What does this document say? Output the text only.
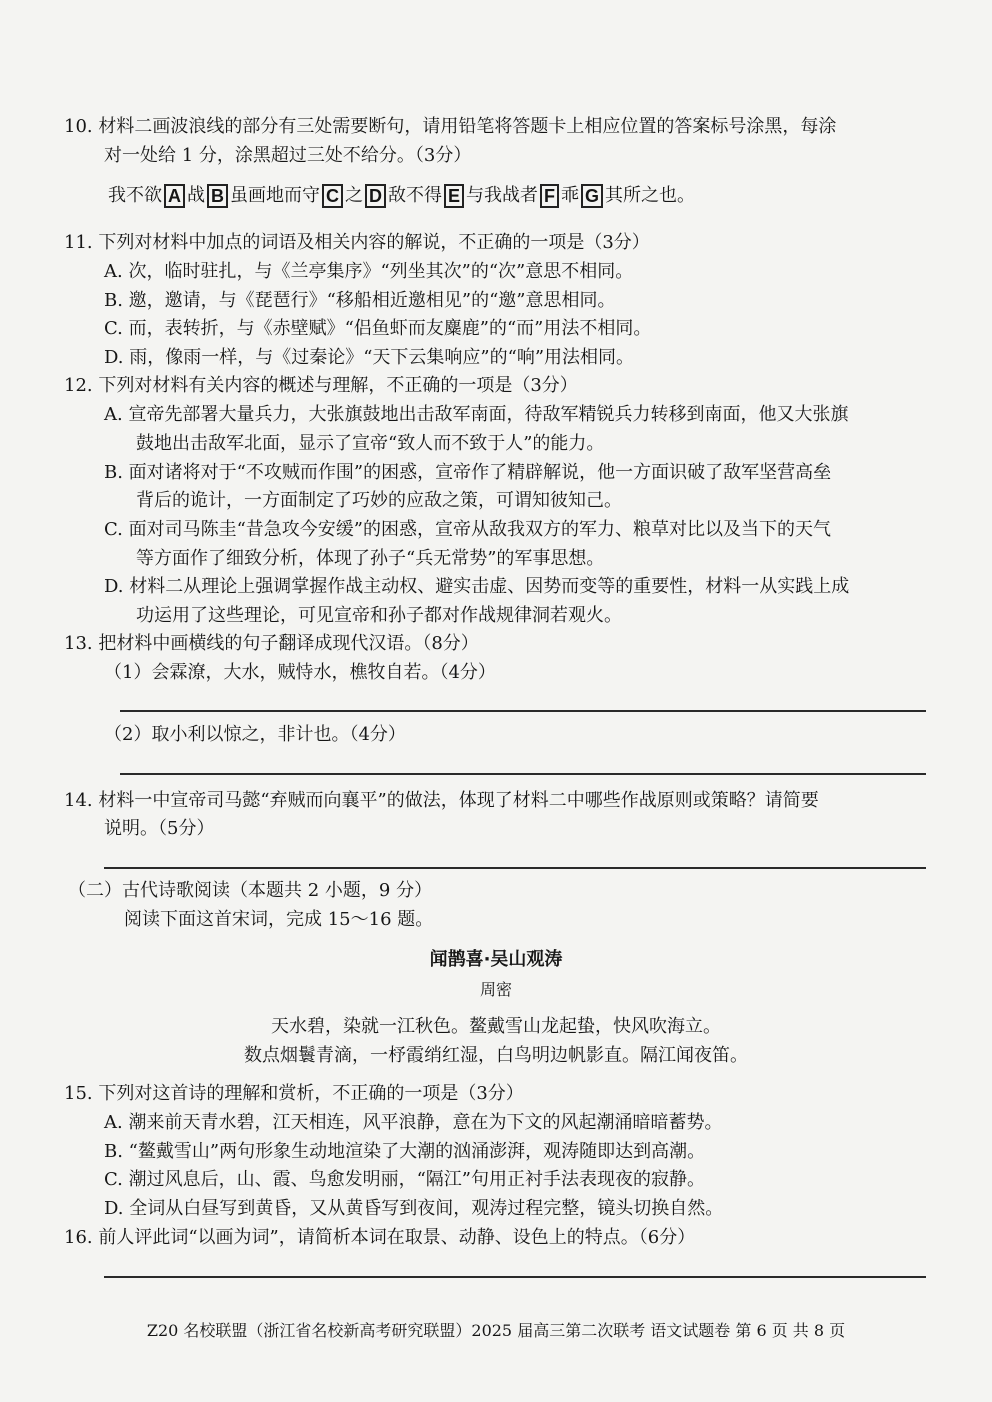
10. 材料二画波浪线的部分有三处需要断句，请用铅笔将答题卡上相应位置的答案标号涂黑，每涂
对一处给 1 分，涂黑超过三处不给分。（3分）
我不欲 A 战 B 虽画地而守 C 之 D 敌不得 E 与我战者 F 乖 G 其所之也。
11. 下列对材料中加点的词语及相关内容的解说，不正确的一项是（3分）
A. 次，临时驻扎，与《兰亭集序》“列坐其次”的“次”意思不相同。
B. 邀，邀请，与《琵琶行》“移船相近邀相见”的“邀”意思相同。
C. 而，表转折，与《赤壁赋》“侣鱼虾而友麋鹿”的“而”用法不相同。
D. 雨，像雨一样，与《过秦论》“天下云集响应”的“响”用法相同。
12. 下列对材料有关内容的概述与理解，不正确的一项是（3分）
A. 宣帝先部署大量兵力，大张旗鼓地出击敌军南面，待敌军精锐兵力转移到南面，他又大张旗
鼓地出击敌军北面，显示了宣帝“致人而不致于人”的能力。
B. 面对诸将对于“不攻贼而作围”的困惑，宣帝作了精辟解说，他一方面识破了敌军坚营高垒
背后的诡计，一方面制定了巧妙的应敌之策，可谓知彼知己。
C. 面对司马陈圭“昔急攻今安缓”的困惑，宣帝从敌我双方的军力、粮草对比以及当下的天气
等方面作了细致分析，体现了孙子“兵无常势”的军事思想。
D. 材料二从理论上强调掌握作战主动权、避实击虚、因势而变等的重要性，材料一从实践上成
功运用了这些理论，可见宣帝和孙子都对作战规律洞若观火。
13. 把材料中画横线的句子翻译成现代汉语。（8分）
（1）会霖潦，大水，贼恃水，樵牧自若。（4分）
（2）取小利以惊之，非计也。（4分）
14. 材料一中宣帝司马懿“弃贼而向襄平”的做法，体现了材料二中哪些作战原则或策略？请简要
说明。（5分）
（二）古代诗歌阅读（本题共 2 小题，9 分）
阅读下面这首宋词，完成 15～16 题。
闻鹊喜·吴山观涛
周密
天水碧，染就一江秋色。鳌戴雪山龙起蛰，快风吹海立。
数点烟鬟青滴，一杼霞绡红湿，白鸟明边帆影直。隔江闻夜笛。
15. 下列对这首诗的理解和赏析，不正确的一项是（3分）
A. 潮来前天青水碧，江天相连，风平浪静，意在为下文的风起潮涌暗暗蓄势。
B. “鳌戴雪山”两句形象生动地渲染了大潮的汹涌澎湃，观涛随即达到高潮。
C. 潮过风息后，山、霞、鸟愈发明丽，“隔江”句用正衬手法表现夜的寂静。
D. 全词从白昼写到黄昏，又从黄昏写到夜间，观涛过程完整，镜头切换自然。
16. 前人评此词“以画为词”，请简析本词在取景、动静、设色上的特点。（6分）
Z20 名校联盟（浙江省名校新高考研究联盟）2025 届高三第二次联考 语文试题卷 第 6 页 共 8 页
